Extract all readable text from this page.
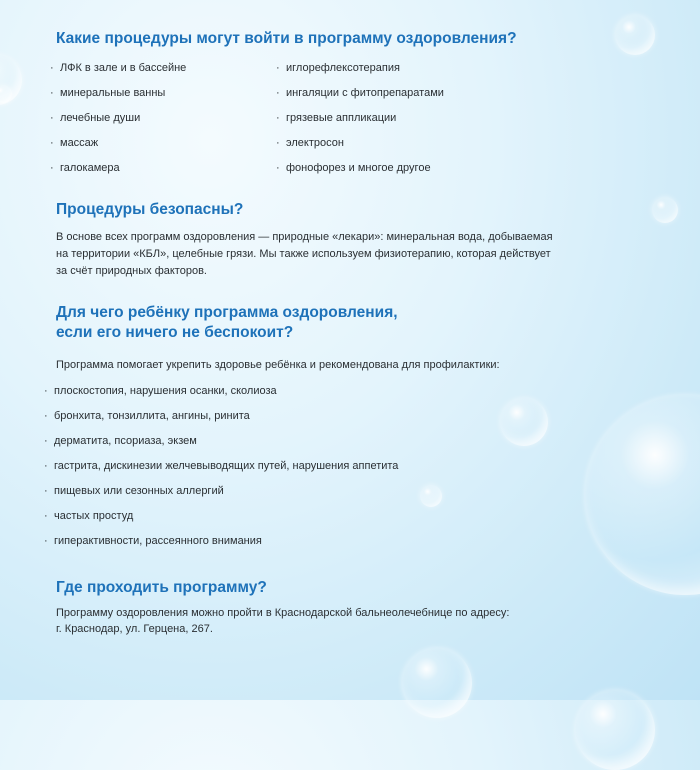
Какие процедуры могут войти в программу оздоровления?
· ЛФК в зале и в бассейне
· минеральные ванны
· лечебные души
· массаж
· галокамера
· иглорефлексотерапия
· ингаляции с фитопрепаратами
· грязевые аппликации
· электросон
· фонофорез и многое другое
Процедуры безопасны?
В основе всех программ оздоровления — природные «лекари»: минеральная вода, добываемая
на территории «КБЛ», целебные грязи. Мы также используем физиотерапию, которая действует
за счёт природных факторов.
Для чего ребёнку программа оздоровления,
если его ничего не беспокоит?
Программа помогает укрепить здоровье ребёнка и рекомендована для профилактики:
· плоскостопия, нарушения осанки, сколиоза
· бронхита, тонзиллита, ангины, ринита
· дерматита, псориаза, экзем
· гастрита, дискинезии желчевыводящих путей, нарушения аппетита
· пищевых или сезонных аллергий
· частых простуд
· гиперактивности, рассеянного внимания
Где проходить программу?
Программу оздоровления можно пройти в Краснодарской бальнеолечебнице по адресу:
г. Краснодар, ул. Герцена, 267.
